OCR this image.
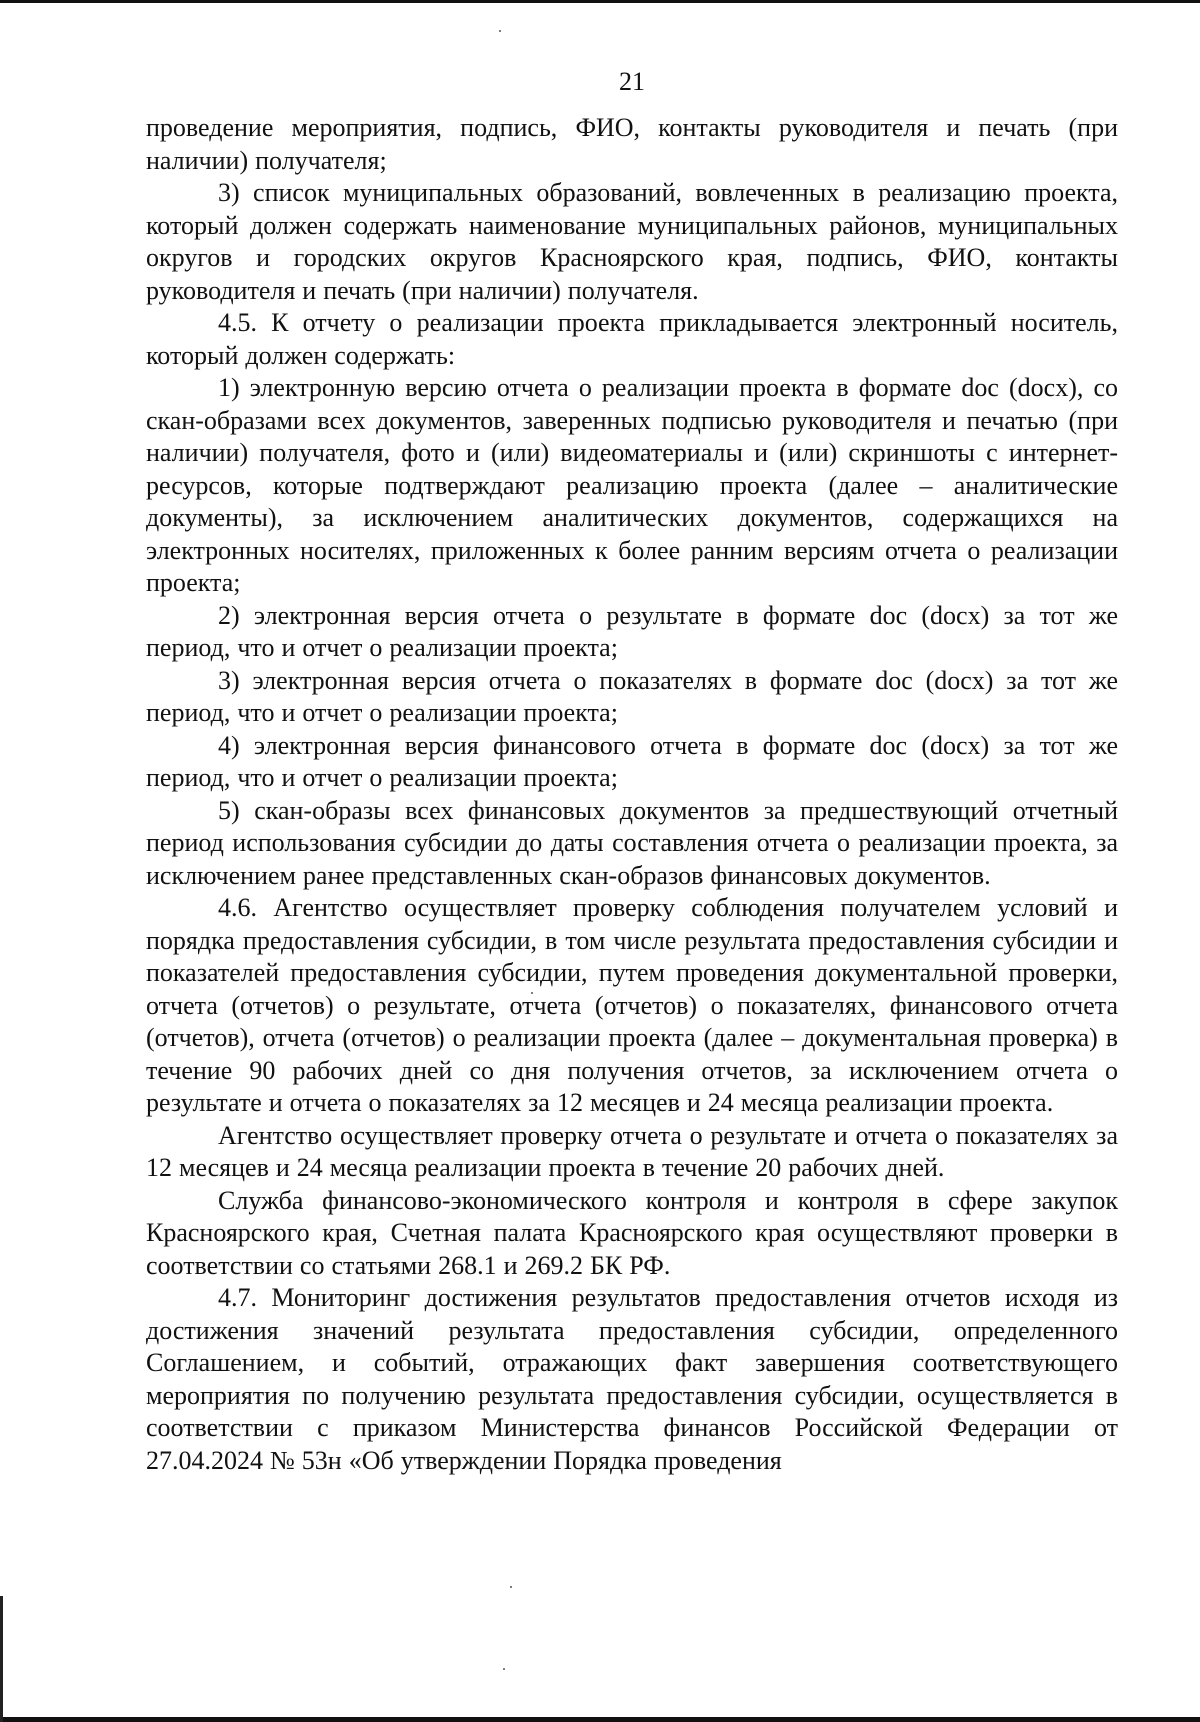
21

проведение мероприятия, подпись, ФИО, контакты руководителя и печать (при наличии) получателя;

3) список муниципальных образований, вовлеченных в реализацию проекта, который должен содержать наименование муниципальных районов, муниципальных округов и городских округов Красноярского края, подпись, ФИО, контакты руководителя и печать (при наличии) получателя.

4.5. К отчету о реализации проекта прикладывается электронный носитель, который должен содержать:

1) электронную версию отчета о реализации проекта в формате doc (docx), со скан-образами всех документов, заверенных подписью руководителя и печатью (при наличии) получателя, фото и (или) видеоматериалы и (или) скриншоты с интернет-ресурсов, которые подтверждают реализацию проекта (далее – аналитические документы), за исключением аналитических документов, содержащихся на электронных носителях, приложенных к более ранним версиям отчета о реализации проекта;

2) электронная версия отчета о результате в формате doc (docx) за тот же период, что и отчет о реализации проекта;

3) электронная версия отчета о показателях в формате doc (docx) за тот же период, что и отчет о реализации проекта;

4) электронная версия финансового отчета в формате doc (docx) за тот же период, что и отчет о реализации проекта;

5) скан-образы всех финансовых документов за предшествующий отчетный период использования субсидии до даты составления отчета о реализации проекта, за исключением ранее представленных скан-образов финансовых документов.

4.6. Агентство осуществляет проверку соблюдения получателем условий и порядка предоставления субсидии, в том числе результата предоставления субсидии и показателей предоставления субсидии, путем проведения документальной проверки, отчета (отчетов) о результате, отчета (отчетов) о показателях, финансового отчета (отчетов), отчета (отчетов) о реализации проекта (далее – документальная проверка) в течение 90 рабочих дней со дня получения отчетов, за исключением отчета о результате и отчета о показателях за 12 месяцев и 24 месяца реализации проекта.

Агентство осуществляет проверку отчета о результате и отчета о показателях за 12 месяцев и 24 месяца реализации проекта в течение 20 рабочих дней.

Служба финансово-экономического контроля и контроля в сфере закупок Красноярского края, Счетная палата Красноярского края осуществляют проверки в соответствии со статьями 268.1 и 269.2 БК РФ.

4.7. Мониторинг достижения результатов предоставления отчетов исходя из достижения значений результата предоставления субсидии, определенного Соглашением, и событий, отражающих факт завершения соответствующего мероприятия по получению результата предоставления субсидии, осуществляется в соответствии с приказом Министерства финансов Российской Федерации от 27.04.2024 № 53н «Об утверждении Порядка проведения
